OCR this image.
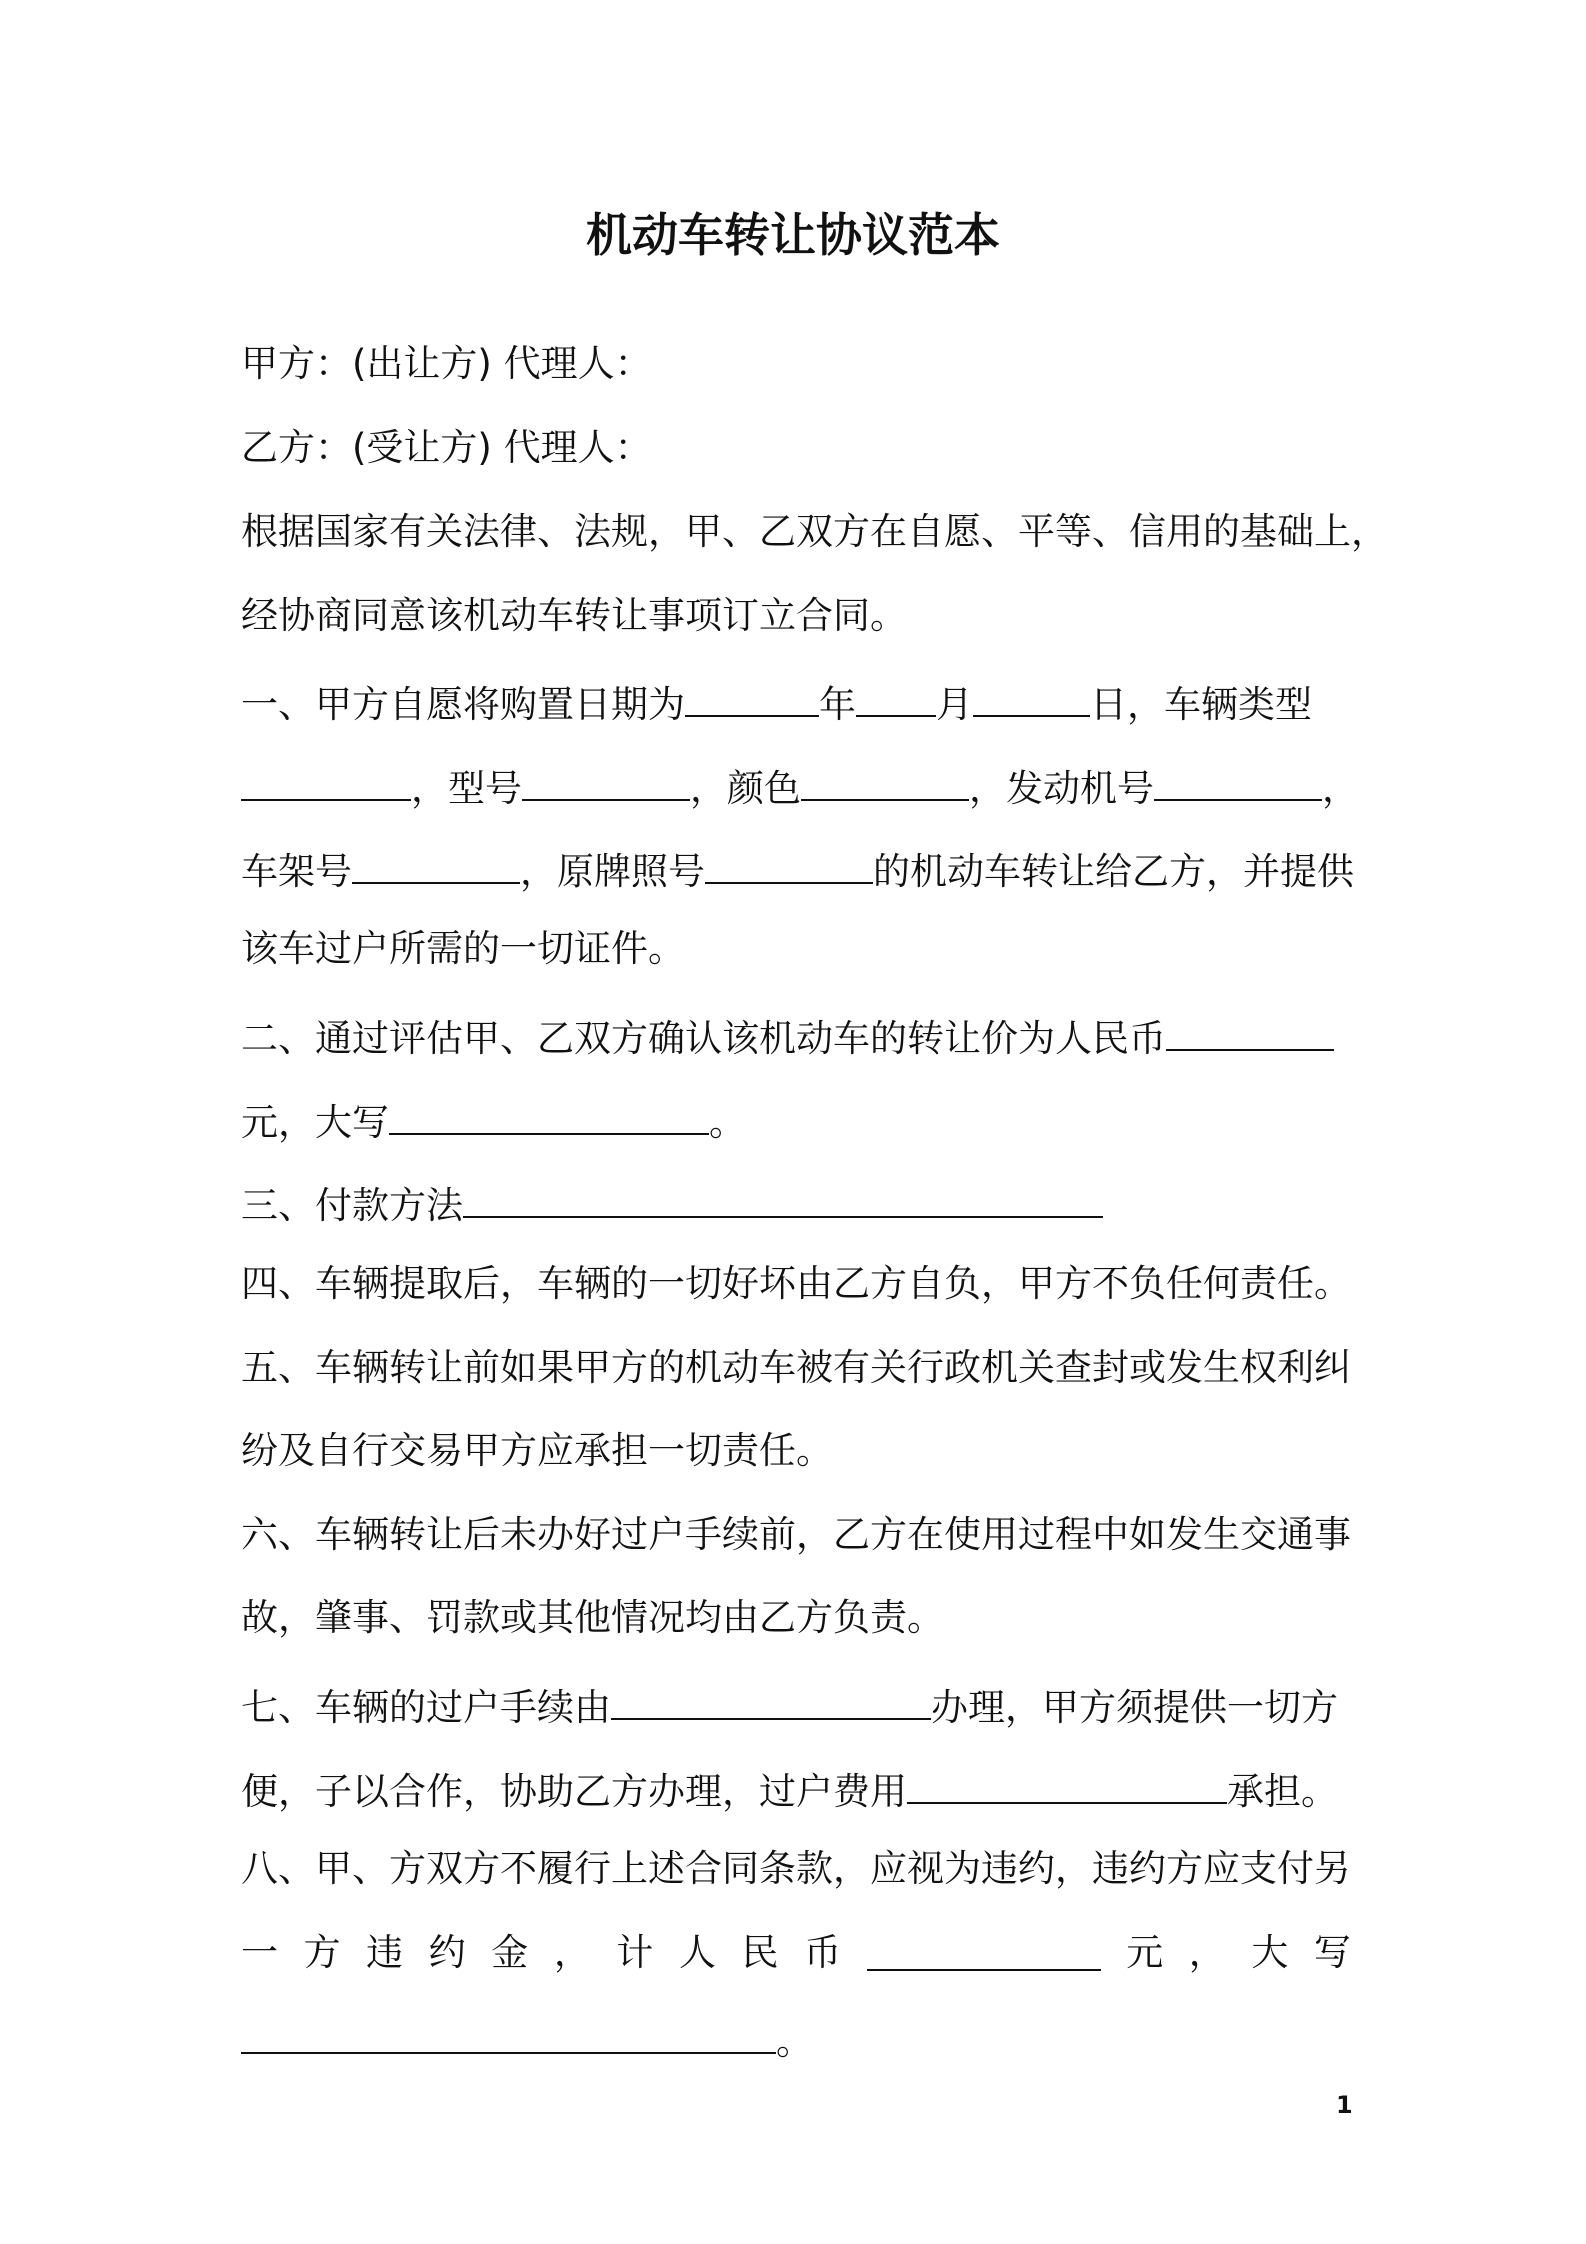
机动车转让协议范本
甲方：(出让方) 代理人：
乙方：(受让方) 代理人：
根据国家有关法律、法规，甲、乙双方在自愿、平等、信用的基础上，
经协商同意该机动车转让事项订立合同。
一、甲方自愿将购置日期为	年 月	日，车辆类型
，型号	，颜色	，发动机号	，
车架号	，原牌照号	的机动车转让给乙方，并提供
该车过户所需的一切证件。
二、通过评估甲、乙双方确认该机动车的转让价为人民币
元，大写	。
三、付款方法
四、车辆提取后，车辆的一切好坏由乙方自负，甲方不负任何责任。
五、车辆转让前如果甲方的机动车被有关行政机关查封或发生权利纠
纷及自行交易甲方应承担一切责任。
六、车辆转让后未办好过户手续前，乙方在使用过程中如发生交通事
故，肇事、罚款或其他情况均由乙方负责。
七、车辆的过户手续由	办理，甲方须提供一切方
便，子以合作，协助乙方办理，过户费用	承担。
八、甲、方双方不履行上述合同条款，应视为违约，违约方应支付另
一 方 违 约 金 ， 计 人 民 币	元 ， 大 写
。
1
